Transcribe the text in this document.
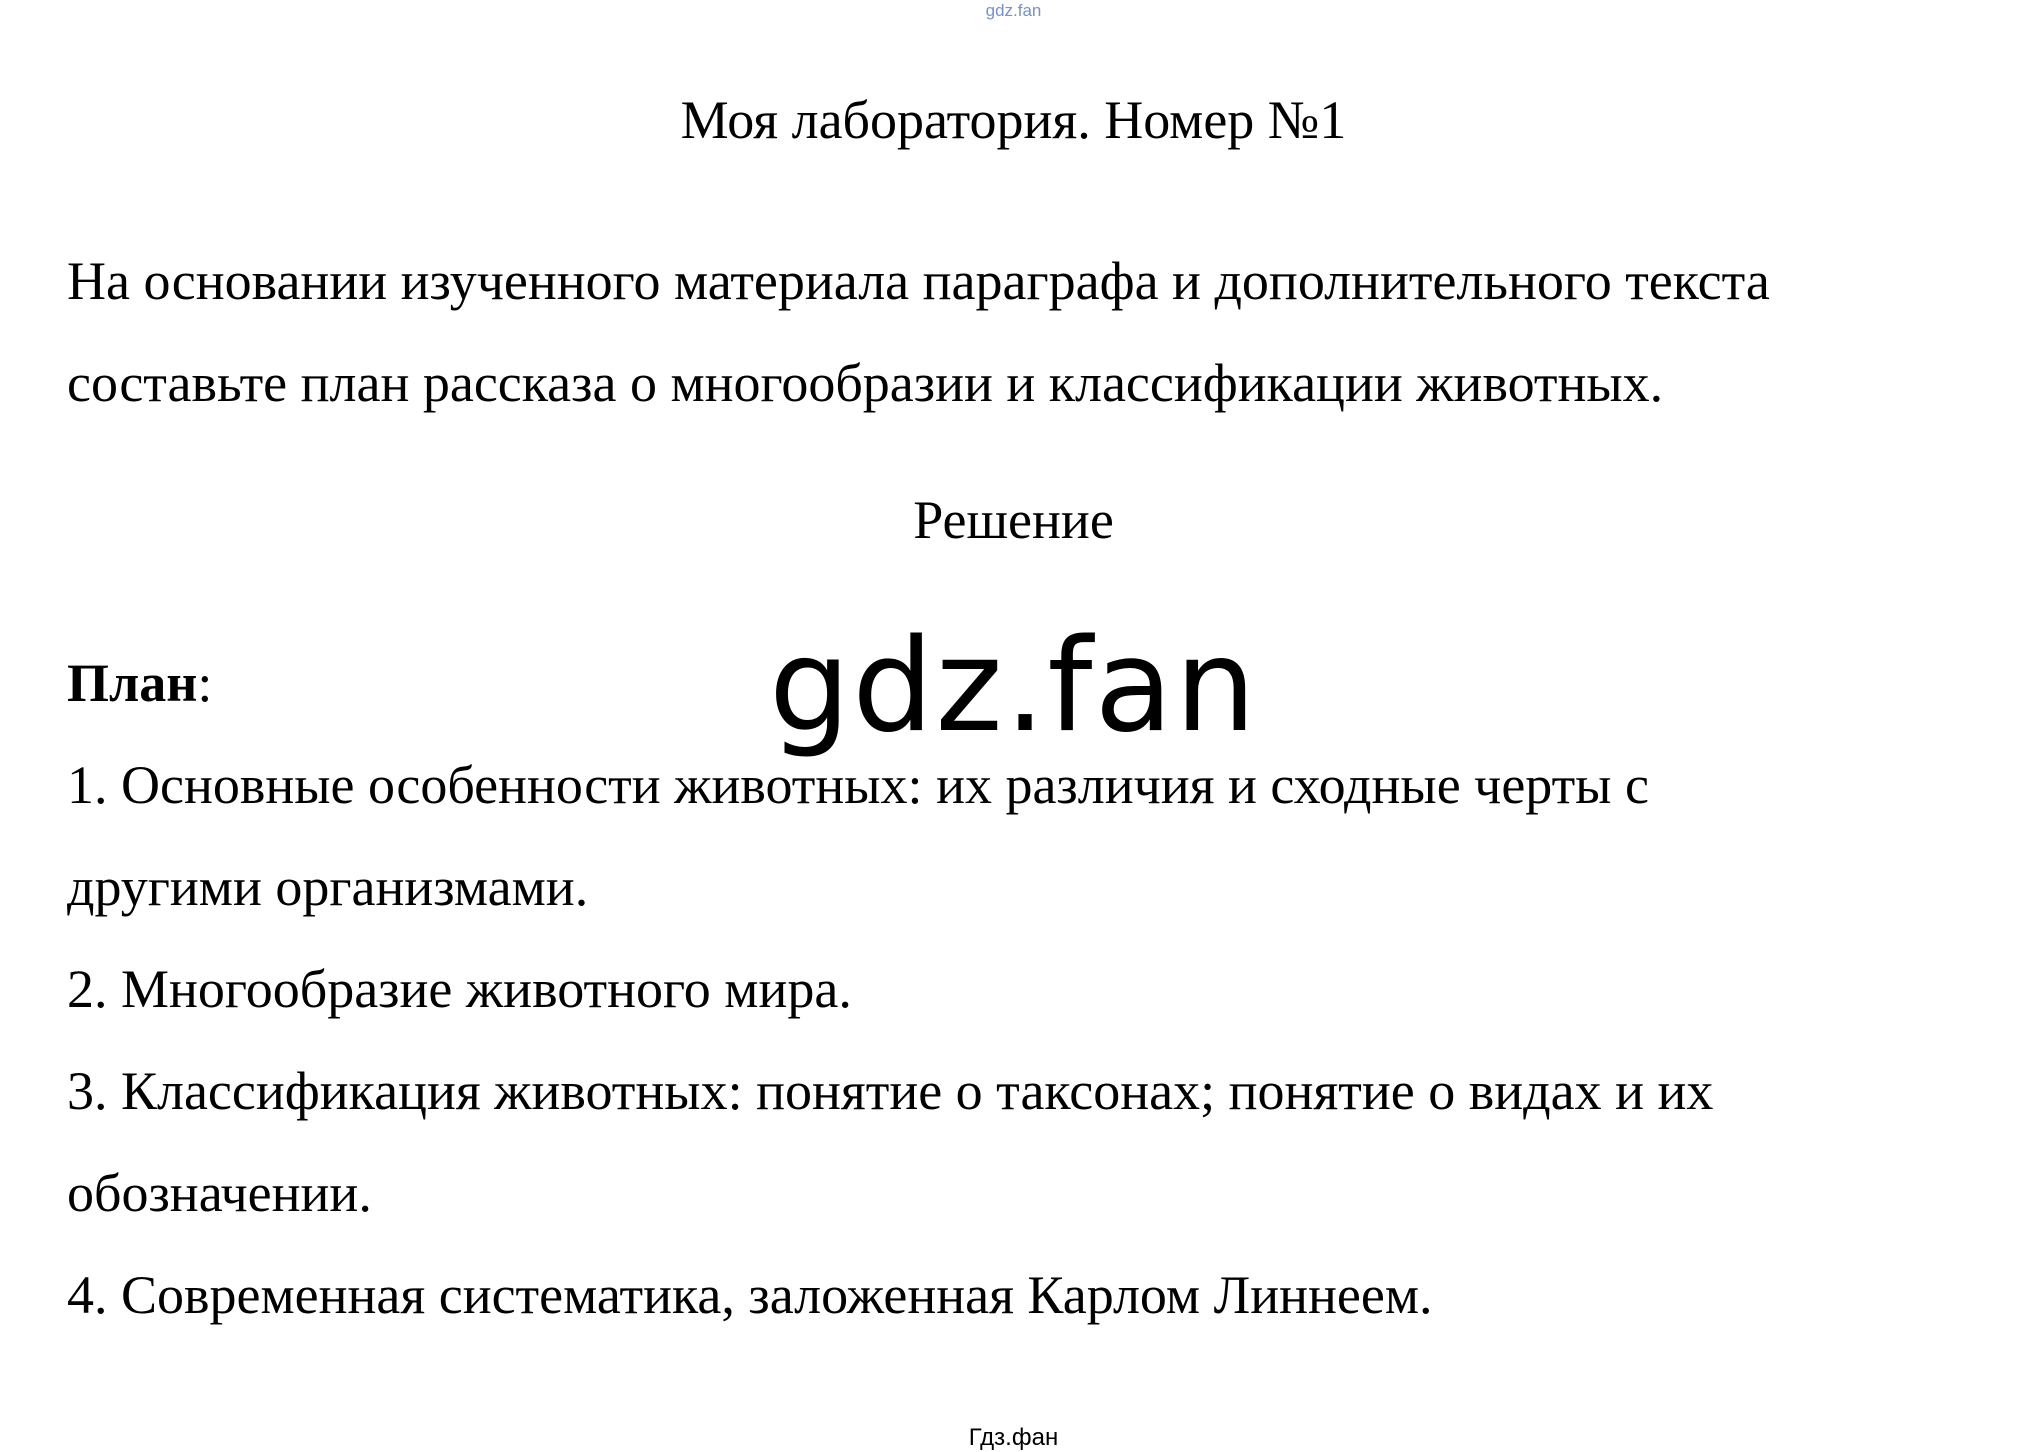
gdz.fan
Моя лаборатория. Номер №1

На основании изученного материала параграфа и дополнительного текста

составьте план рассказа о многообразии и классификации животных.

Решение

План:

1. Основные особенности животных: их различия и сходные черты с

другими организмами.

2. Многообразие животного мира.

3. Классификация животных: понятие о таксонах; понятие о видах и их

обозначении.

4. Современная систематика, заложенная Карлом Линнеем.

gdz.fan
Гдз.фан
